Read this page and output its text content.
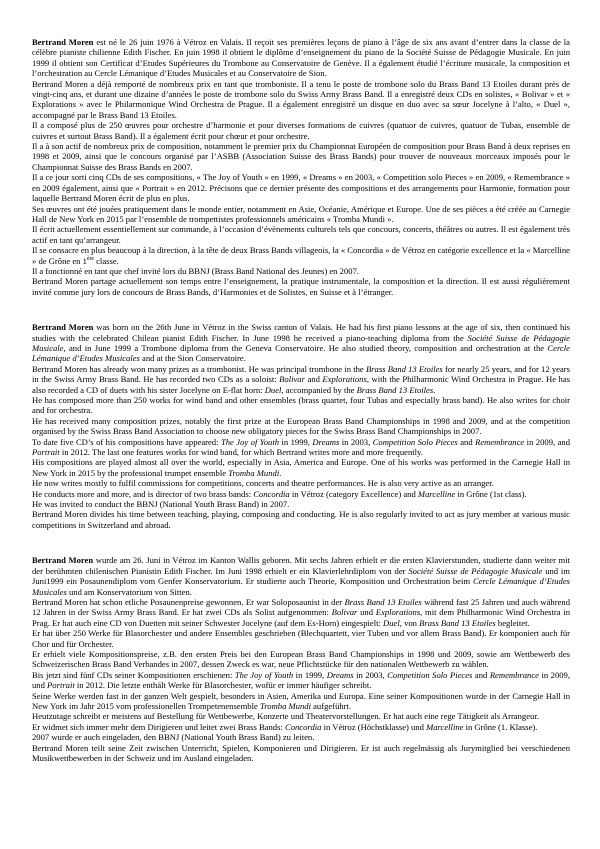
Bertrand Moren est né le 26 juin 1976 à Vétroz en Valais. Il reçoit ses premières leçons de piano à l’âge de six ans avant d’entrer dans la classe de la célèbre pianiste chilienne Edith Fischer. En juin 1998 il obtient le diplôme d’enseignement du piano de la Société Suisse de Pédagogie Musicale. En juin 1999 il obtient son Certificat d’Etudes Supérieures du Trombone au Conservatoire de Genève. Il a également étudié l’écriture musicale, la composition et l’orchestration au Cercle Lémanique d’Etudes Musicales et au Conservatoire de Sion.

Bertrand Moren a déjà remporté de nombreux prix en tant que tromboniste. Il a tenu le poste de trombone solo du Brass Band 13 Etoiles durant près de vingt-cinq ans, et durant une dizaine d’années le poste de trombone solo du Swiss Army Brass Band. Il a enregistré deux CDs en solistes, « Bolivar » et « Explorations » avec le Philarmonique Wind Orchestra de Prague. Il a également enregistré un disque en duo avec sa sœur Jocelyne à l’alto, « Duel », accompagné par le Brass Band 13 Etoiles.

Il a composé plus de 250 œuvres pour orchestre d’harmonie et pour diverses formations de cuivres (quatuor de cuivres, quatuor de Tubas, ensemble de cuivres et surtout Brass Band). Il a également écrit pour chœur et pour orchestre.

Il a à son actif de nombreux prix de composition, notamment le premier prix du Championnat Européen de composition pour Brass Band à deux reprises en 1998 et 2009, ainsi que le concours organisé par l’ASBB (Association Suisse des Brass Bands) pour trouver de nouveaux morceaux imposés pour le Championnat Suisse des Brass Bands en 2007.

Il a ce jour sorti cinq CDs de ses compositions, « The Joy of Youth » en 1999, « Dreams » en 2003, « Competition solo Pieces » en 2009, « Remembrance » en 2009 également, ainsi que « Portrait » en 2012. Précisons que ce dernier présente des compositions et des arrangements pour Harmonie, formation pour laquelle Bertrand Moren écrit de plus en plus.

Ses œuvres ont été jouées pratiquement dans le monde entier, notamment en Asie, Océanie, Amérique et Europe. Une de ses pièces a été créée au Carnegie Hall de New York en 2015 par l’ensemble de trompettistes professionnels américains « Tromba Mundi ».

Il écrit actuellement essentiellement sur commande, à l’occasion d’évènements culturels tels que concours, concerts, théâtres ou autres. Il est également très actif en tant qu’arrangeur.

Il se consacre en plus beaucoup à la direction, à la tête de deux Brass Bands villageois, la « Concordia » de Vétroz en catégorie excellence et la « Marcelline » de Grône en 1ère classe.

Il a fonctionné en tant que chef invité lors du BBNJ (Brass Band National des Jeunes) en 2007.

Bertrand Moren partage actuellement son temps entre l’enseignement, la pratique instrumentale, la composition et la direction. Il est aussi régulièrement invité comme jury lors de concours de Brass Bands, d’Harmonies et de Solistes, en Suisse et à l’étranger.

Bertrand Moren was born on the 26th June in Vétroz in the Swiss canton of Valais. He had his first piano lessons at the age of six, then continued his studies with the celebrated Chilean pianist Edith Fischer. In June 1998 he received a piano-teaching diploma from the Société Suisse de Pédagogie Musicale, and in June 1999 a Trombone diploma from the Geneva Conservatoire. He also studied theory, composition and orchestration at the Cercle Lémanique d’Etudes Musicales and at the Sion Conservatoire.

Bertrand Moren has already won many prizes as a trombonist. He was principal trombone in the Brass Band 13 Etoiles for nearly 25 years, and for 12 years in the Swiss Army Brass Band. He has recorded two CDs as a soloist: Bolivar and Explorations, with the Philharmonic Wind Orchestra in Prague. He has also recorded a CD of duets with his sister Jocelyne on E-flat horn: Duel, accompanied by the Brass Band 13 Etoiles.

He has composed more than 250 works for wind band and other ensembles (brass quartet, four Tubas and especially brass band). He also writes for choir and for orchestra.

He has received many composition prizes, notably the first prize at the European Brass Band Championships in 1998 and 2009, and at the competition organised by the Swiss Brass Band Association to choose new obligatory pieces for the Swiss Brass Band Championships in 2007.

To date five CD’s of his compositions have appeared: The Joy of Youth in 1999, Dreams in 2003, Competition Solo Pieces and Remembrance in 2009, and Portrait in 2012. The last one features works for wind band, for which Bertrand writes more and more frequently.

His compositions are played almost all over the world, especially in Asia, America and Europe. One of his works was performed in the Carnegie Hall in New York in 2015 by the professional trumpet ensemble Tromba Mundi.

He now writes mostly to fulfil commissions for competitions, concerts and theatre performances. He is also very active as an arranger.

He conducts more and more, and is director of two brass bands: Concordia in Vétroz (category Excellence) and Marcelline in Grône (1st class).

He was invited to conduct the BBNJ (National Youth Brass Band) in 2007.

Bertrand Moren divides his time between teaching, playing, composing and conducting. He is also regularly invited to act as jury member at various music competitions in Switzerland and abroad.

Bertrand Moren wurde am 26. Juni in Vétroz im Kanton Wallis geboren. Mit sechs Jahren erhielt er die ersten Klavierstunden, studierte dann weiter mit der berühmten chilenischen Pianistin Edith Fischer. Im Juni 1998 erhielt er ein Klavierlehrdiplom von der Société Suisse de Pédagogie Musicale und im Juni1999 ein Posaunendiplom vom Genfer Konservatorium. Er studierte auch Theorie, Komposition und Orchestration beim Cercle Lémanique d’Etudes Musicales und am Konservatorium von Sitten.

Bertrand Moren hat schon etliche Posaunenpreise gewonnen. Er war Soloposaunist in der Brass Band 13 Etoiles während fast 25 Jahren und auch während 12 Jahren in der Swiss Army Brass Band. Er hat zwei CDs als Solist aufgenommen: Bolivar und Explorations, mit dem Philharmonic Wind Orchestra in Prag. Er hat auch eine CD von Duetten mit seiner Schwester Jocelyne (auf dem Es-Horn) eingespielt: Duel, von Brass Band 13 Etoiles begleitet.

Er hat über 250 Werke für Blasorchester und andere Ensembles geschrieben (Blechquartett, vier Tuben und vor allem Brass Band). Er komponiert auch für Chor und für Orchester.

Er erhielt viele Kompositionspreise, z.B. den ersten Preis bei den European Brass Band Championships in 1998 und 2009, sowie am Wettbewerb des Schweizerischen Brass Band Verbandes in 2007, dessen Zweck es war, neue Pflichtstücke für den nationalen Wettbewerb zu wählen.

Bis jetzt sind fünf CDs seiner Kompositionen erschienen: The Joy of Youth in 1999, Dreams in 2003, Competition Solo Pieces and Remembrance in 2009, und Portrait in 2012. Die letzte enthält Werke für Blasorchester, wofür er immer häufiger schreibt.

Seine Werke werden fast in der ganzen Welt gespielt, besonders in Asien, Amerika und Europa. Eine seiner Kompositionen wurde in der Carnegie Hall in New York im Jahr 2015 vom professionellen Trompetenensemble Tromba Mundi aufgeführt.

Heutzutage schreibt er meistens auf Bestellung für Wettbewerbe, Konzerte und Theatervorstellungen. Er hat auch eine rege Tätigkeit als Arrangeur.

Er widmet sich immer mehr dem Dirigieren und leitet zwei Brass Bands: Concordia in Vétroz (Höchstklasse) und Marcelline in Grône (1. Klasse).

2007 wurde er auch eingeladen, den BBNJ (National Youth Brass Band) zu leiten.

Bertrand Moren teilt seine Zeit zwischen Unterricht, Spielen, Komponieren und Dirigieren. Er ist auch regelmässig als Jurymitglied bei verschiedenen Musikwettbewerben in der Schweiz und im Ausland eingeladen.
